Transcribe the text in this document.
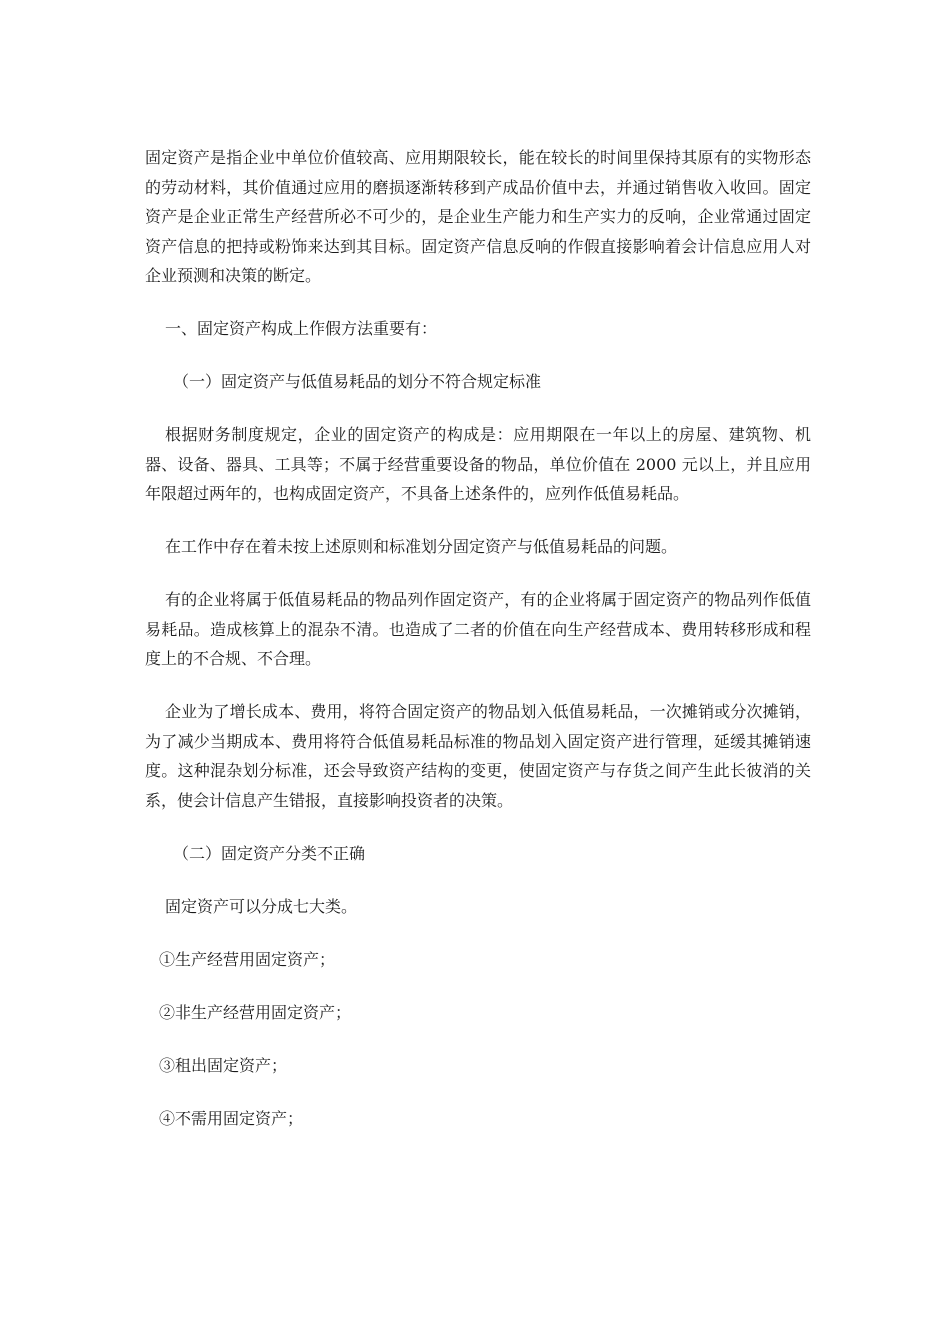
固定资产是指企业中单位价值较高、应用期限较长，能在较长的时间里保持其原有的实物形态的劳动材料，其价值通过应用的磨损逐渐转移到产成品价值中去，并通过销售收入收回。固定资产是企业正常生产经营所必不可少的，是企业生产能力和生产实力的反响，企业常通过固定资产信息的把持或粉饰来达到其目标。固定资产信息反响的作假直接影响着会计信息应用人对企业预测和决策的断定。

一、固定资产构成上作假方法重要有：

（一）固定资产与低值易耗品的划分不符合规定标准

根据财务制度规定，企业的固定资产的构成是：应用期限在一年以上的房屋、建筑物、机器、设备、器具、工具等；不属于经营重要设备的物品，单位价值在 2000 元以上，并且应用年限超过两年的，也构成固定资产，不具备上述条件的，应列作低值易耗品。

在工作中存在着未按上述原则和标准划分固定资产与低值易耗品的问题。

有的企业将属于低值易耗品的物品列作固定资产，有的企业将属于固定资产的物品列作低值易耗品。造成核算上的混杂不清。也造成了二者的价值在向生产经营成本、费用转移形成和程度上的不合规、不合理。

企业为了增长成本、费用，将符合固定资产的物品划入低值易耗品，一次摊销或分次摊销，为了减少当期成本、费用将符合低值易耗品标准的物品划入固定资产进行管理，延缓其摊销速度。这种混杂划分标准，还会导致资产结构的变更，使固定资产与存货之间产生此长彼消的关系，使会计信息产生错报，直接影响投资者的决策。

（二）固定资产分类不正确

固定资产可以分成七大类。

①生产经营用固定资产；

②非生产经营用固定资产；

③租出固定资产；

④不需用固定资产；
